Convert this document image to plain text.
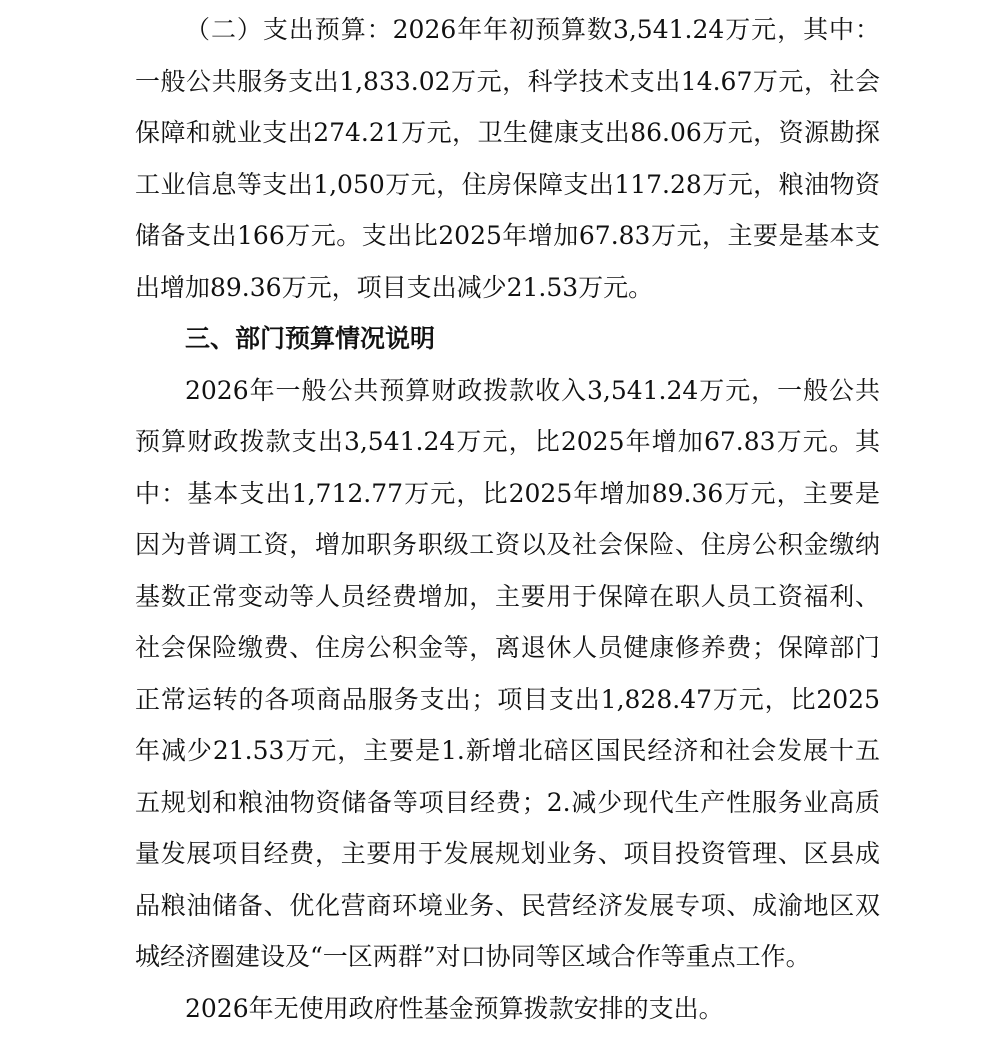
（二）支出预算：2026年年初预算数3,541.24万元，其中：一般公共服务支出1,833.02万元，科学技术支出14.67万元，社会保障和就业支出274.21万元，卫生健康支出86.06万元，资源勘探工业信息等支出1,050万元，住房保障支出117.28万元，粮油物资储备支出166万元。支出比2025年增加67.83万元，主要是基本支出增加89.36万元，项目支出减少21.53万元。

三、部门预算情况说明

2026年一般公共预算财政拨款收入3,541.24万元，一般公共预算财政拨款支出3,541.24万元，比2025年增加67.83万元。其中：基本支出1,712.77万元，比2025年增加89.36万元，主要是因为普调工资，增加职务职级工资以及社会保险、住房公积金缴纳基数正常变动等人员经费增加，主要用于保障在职人员工资福利、社会保险缴费、住房公积金等，离退休人员健康修养费；保障部门正常运转的各项商品服务支出；项目支出1,828.47万元，比2025年减少21.53万元，主要是1.新增北碚区国民经济和社会发展十五五规划和粮油物资储备等项目经费；2.减少现代生产性服务业高质量发展项目经费，主要用于发展规划业务、项目投资管理、区县成品粮油储备、优化营商环境业务、民营经济发展专项、成渝地区双城经济圈建设及“一区两群”对口协同等区域合作等重点工作。

2026年无使用政府性基金预算拨款安排的支出。
